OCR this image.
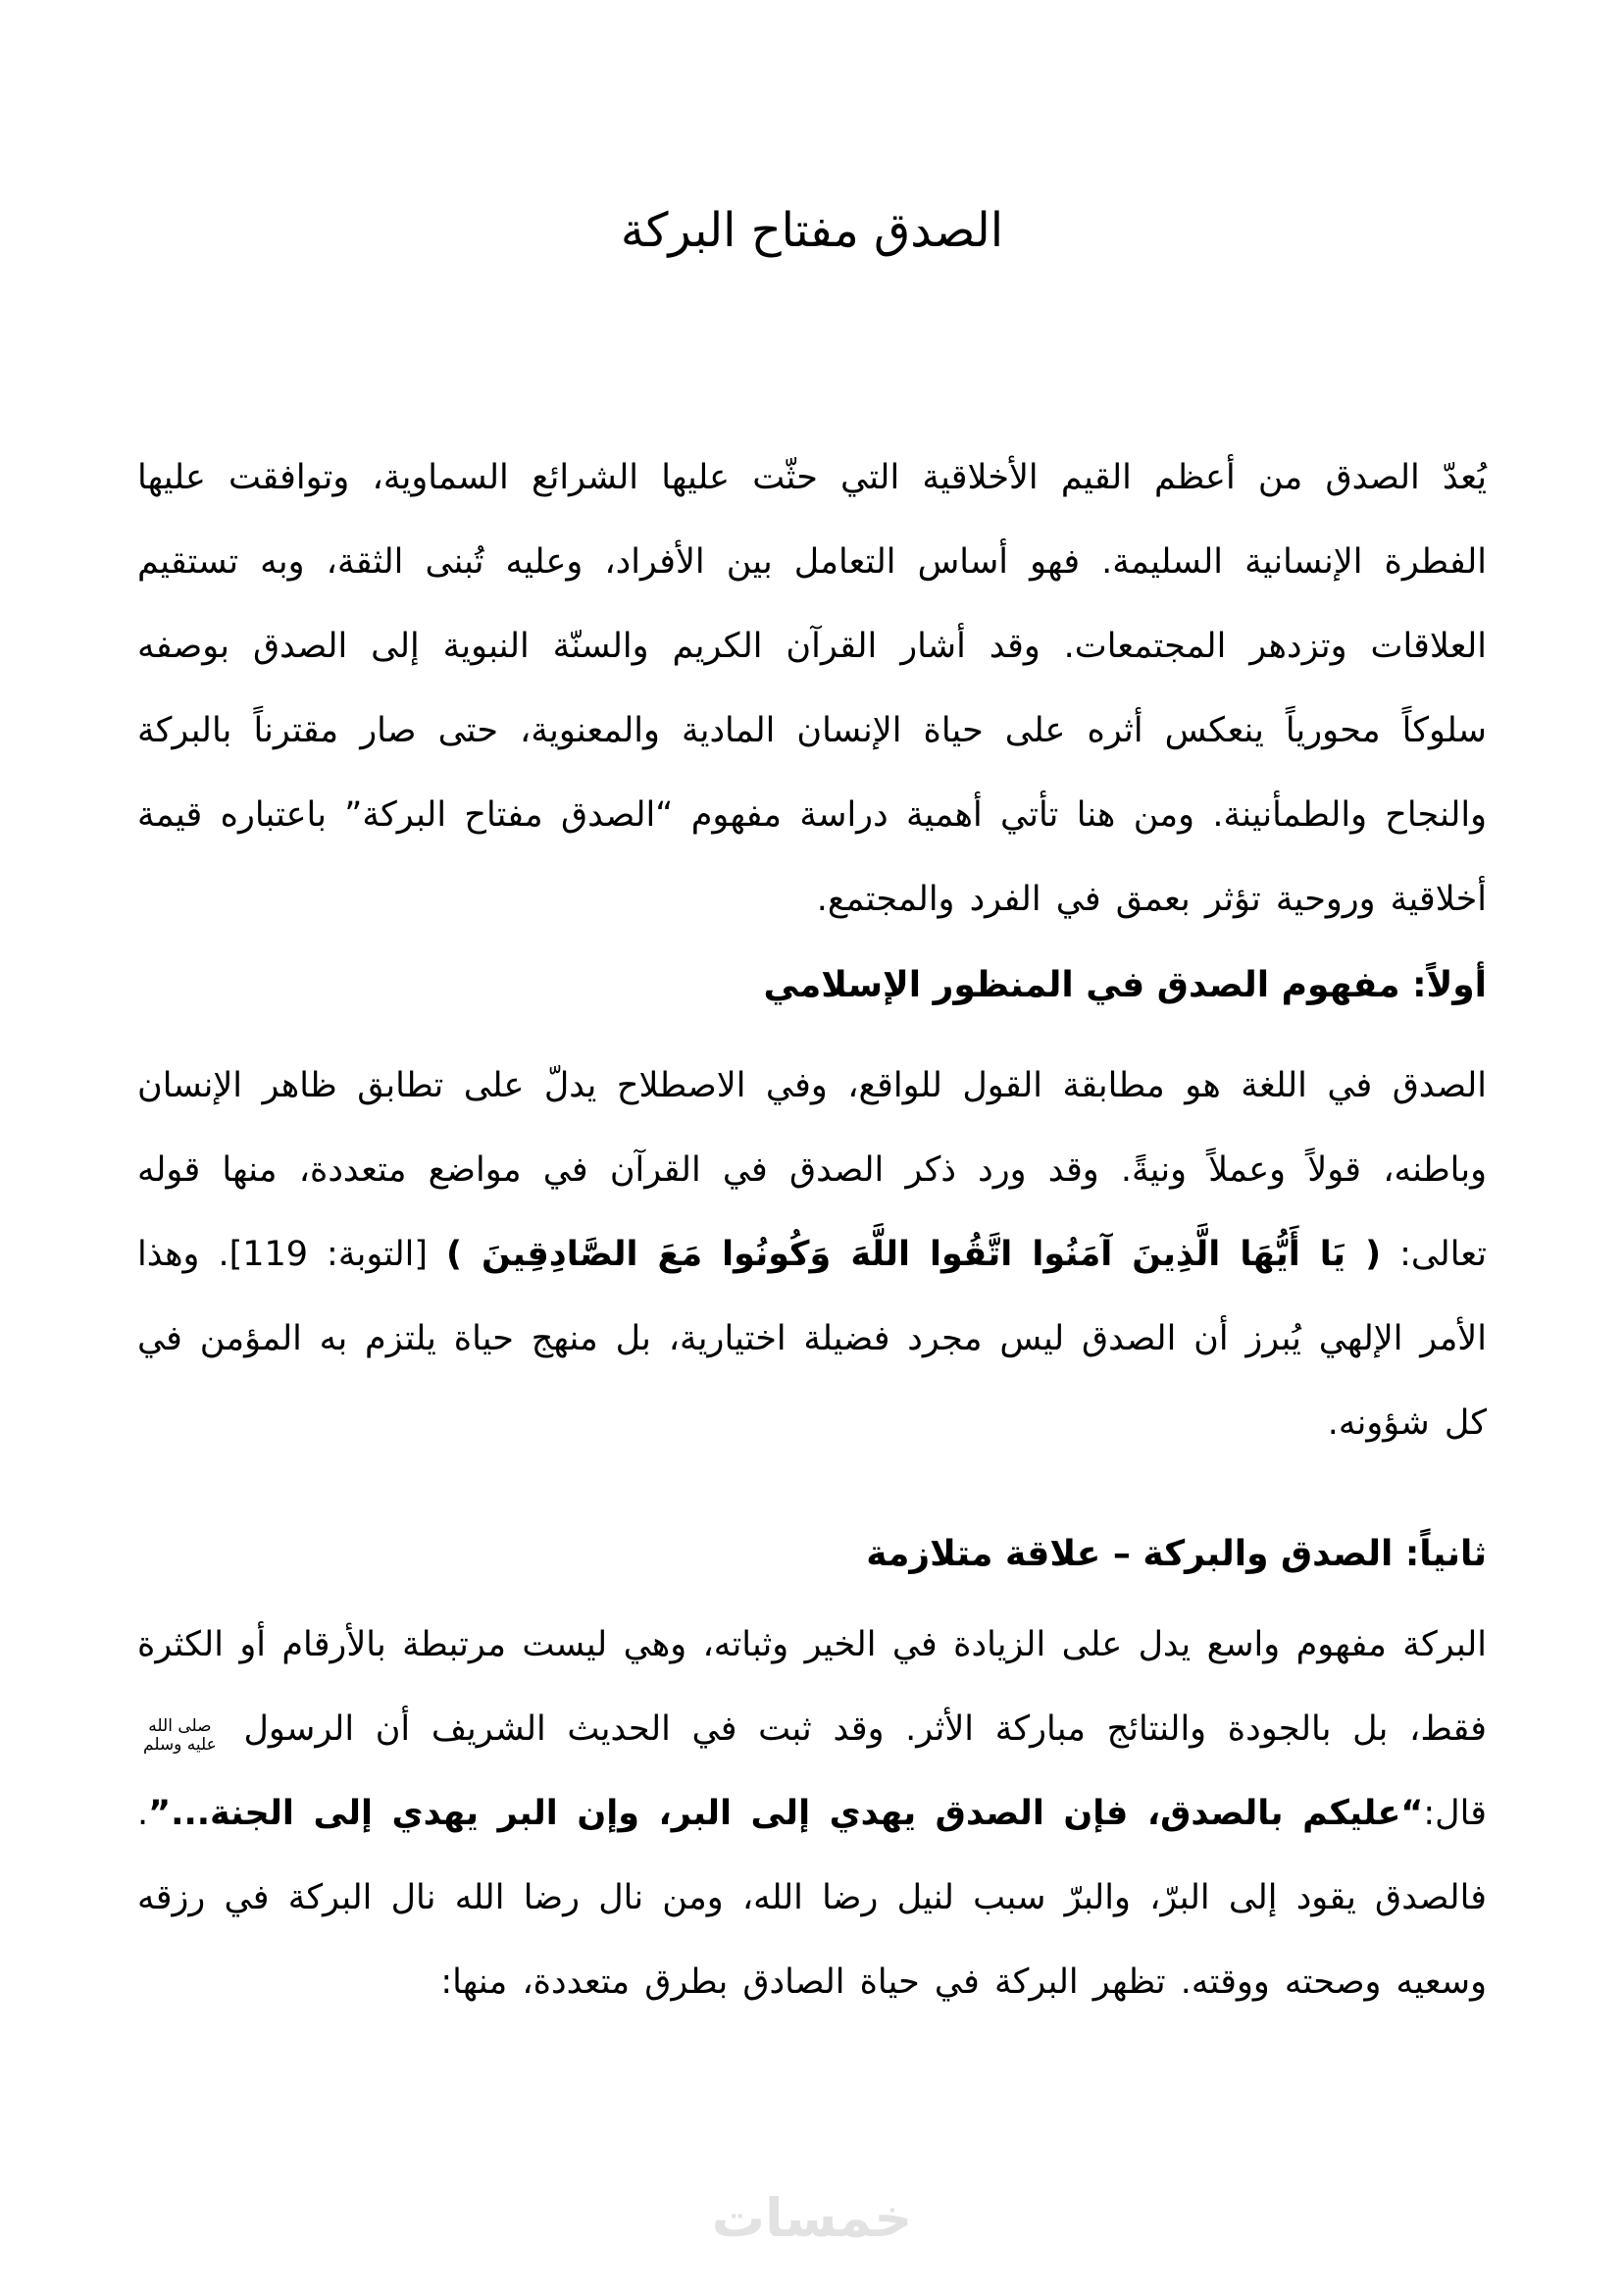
الصدق مفتاح البركة

يُعدّ الصدق من أعظم القيم الأخلاقية التي حثّت عليها الشرائع السماوية، وتوافقت عليها الفطرة الإنسانية السليمة. فهو أساس التعامل بين الأفراد، وعليه تُبنى الثقة، وبه تستقيم العلاقات وتزدهر المجتمعات. وقد أشار القرآن الكريم والسنّة النبوية إلى الصدق بوصفه سلوكاً محورياً ينعكس أثره على حياة الإنسان المادية والمعنوية، حتى صار مقترناً بالبركة والنجاح والطمأنينة. ومن هنا تأتي أهمية دراسة مفهوم “الصدق مفتاح البركة” باعتباره قيمة أخلاقية وروحية تؤثر بعمق في الفرد والمجتمع.

أولاً: مفهوم الصدق في المنظور الإسلامي

الصدق في اللغة هو مطابقة القول للواقع، وفي الاصطلاح يدلّ على تطابق ظاهر الإنسان وباطنه، قولاً وعملاً ونيةً. وقد ورد ذكر الصدق في القرآن في مواضع متعددة، منها قوله تعالى: ( يَا أَيُّهَا الَّذِينَ آمَنُوا اتَّقُوا اللَّهَ وَكُونُوا مَعَ الصَّادِقِينَ ) [التوبة: 119]. وهذا الأمر الإلهي يُبرز أن الصدق ليس مجرد فضيلة اختيارية، بل منهج حياة يلتزم به المؤمن في كل شؤونه.

ثانياً: الصدق والبركة – علاقة متلازمة

البركة مفهوم واسع يدل على الزيادة في الخير وثباته، وهي ليست مرتبطة بالأرقام أو الكثرة فقط، بل بالجودة والنتائج مباركة الأثر. وقد ثبت في الحديث الشريف أن الرسول
صلى الله
عليه وسلم
قال:“عليكم بالصدق، فإن الصدق يهدي إلى البر، وإن البر يهدي إلى الجنة...”. فالصدق يقود إلى البرّ، والبرّ سبب لنيل رضا الله، ومن نال رضا الله نال البركة في رزقه وسعيه وصحته ووقته. تظهر البركة في حياة الصادق بطرق متعددة، منها:

خمسات
